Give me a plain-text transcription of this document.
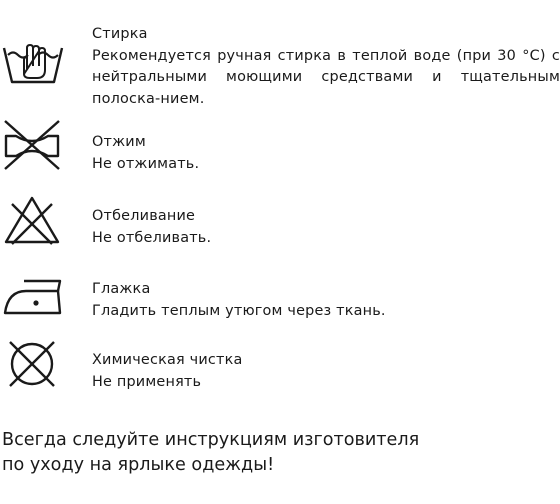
Стирка
Рекомендуется ручная стирка в теплой воде (при 30 °С) с нейтральными моющими средствами и тщательным полоска-нием.
Отжим
Не отжимать.
Отбеливание
Не отбеливать.
Глажка
Гладить теплым утюгом через ткань.
Химическая чистка
Не применять
Всегда следуйте инструкциям изготовителя
по уходу на ярлыке одежды!
